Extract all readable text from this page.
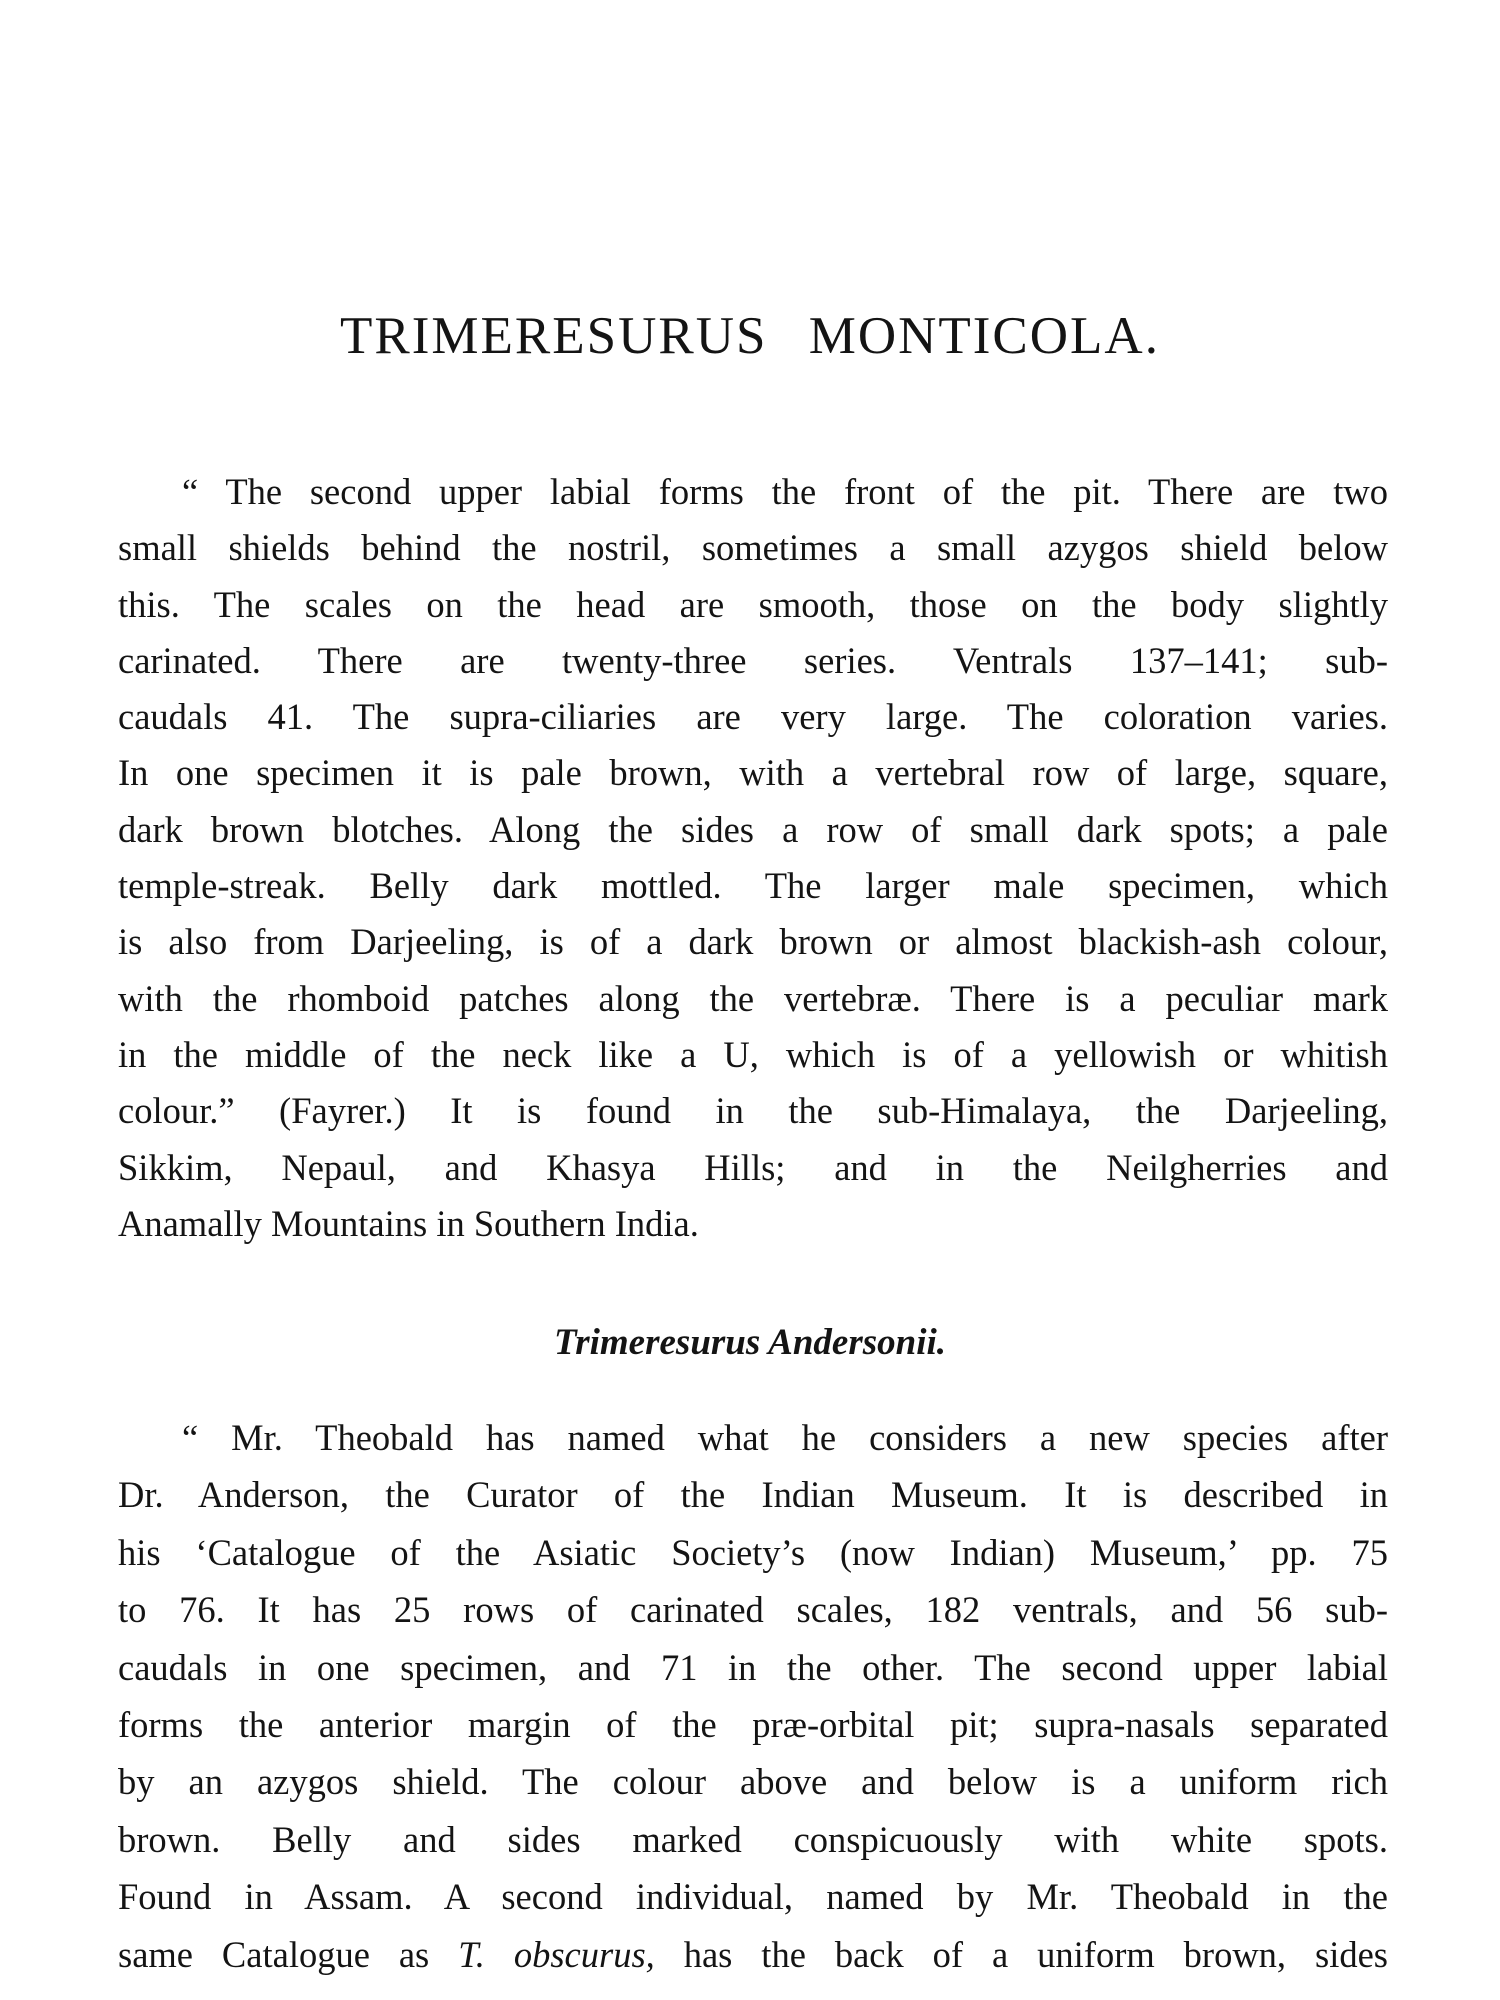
TRIMERESURUS MONTICOLA.
“ The second upper labial forms the front of the pit. There are two
small shields behind the nostril, sometimes a small azygos shield below
this. The scales on the head are smooth, those on the body slightly
carinated. There are twenty-three series. Ventrals 137–141; sub-
caudals 41. The supra-ciliaries are very large. The coloration varies.
In one specimen it is pale brown, with a vertebral row of large, square,
dark brown blotches. Along the sides a row of small dark spots; a pale
temple-streak. Belly dark mottled. The larger male specimen, which
is also from Darjeeling, is of a dark brown or almost blackish-ash colour,
with the rhomboid patches along the vertebræ. There is a peculiar mark
in the middle of the neck like a U, which is of a yellowish or whitish
colour.” (Fayrer.) It is found in the sub-Himalaya, the Darjeeling,
Sikkim, Nepaul, and Khasya Hills; and in the Neilgherries and
Anamally Mountains in Southern India.
Trimeresurus Andersonii.
“ Mr. Theobald has named what he considers a new species after
Dr. Anderson, the Curator of the Indian Museum. It is described in
his ‘Catalogue of the Asiatic Society’s (now Indian) Museum,’ pp. 75
to 76. It has 25 rows of carinated scales, 182 ventrals, and 56 sub-
caudals in one specimen, and 71 in the other. The second upper labial
forms the anterior margin of the præ-orbital pit; supra-nasals separated
by an azygos shield. The colour above and below is a uniform rich
brown. Belly and sides marked conspicuously with white spots.
Found in Assam. A second individual, named by Mr. Theobald in the
same Catalogue as T. obscurus, has the back of a uniform brown, sides
